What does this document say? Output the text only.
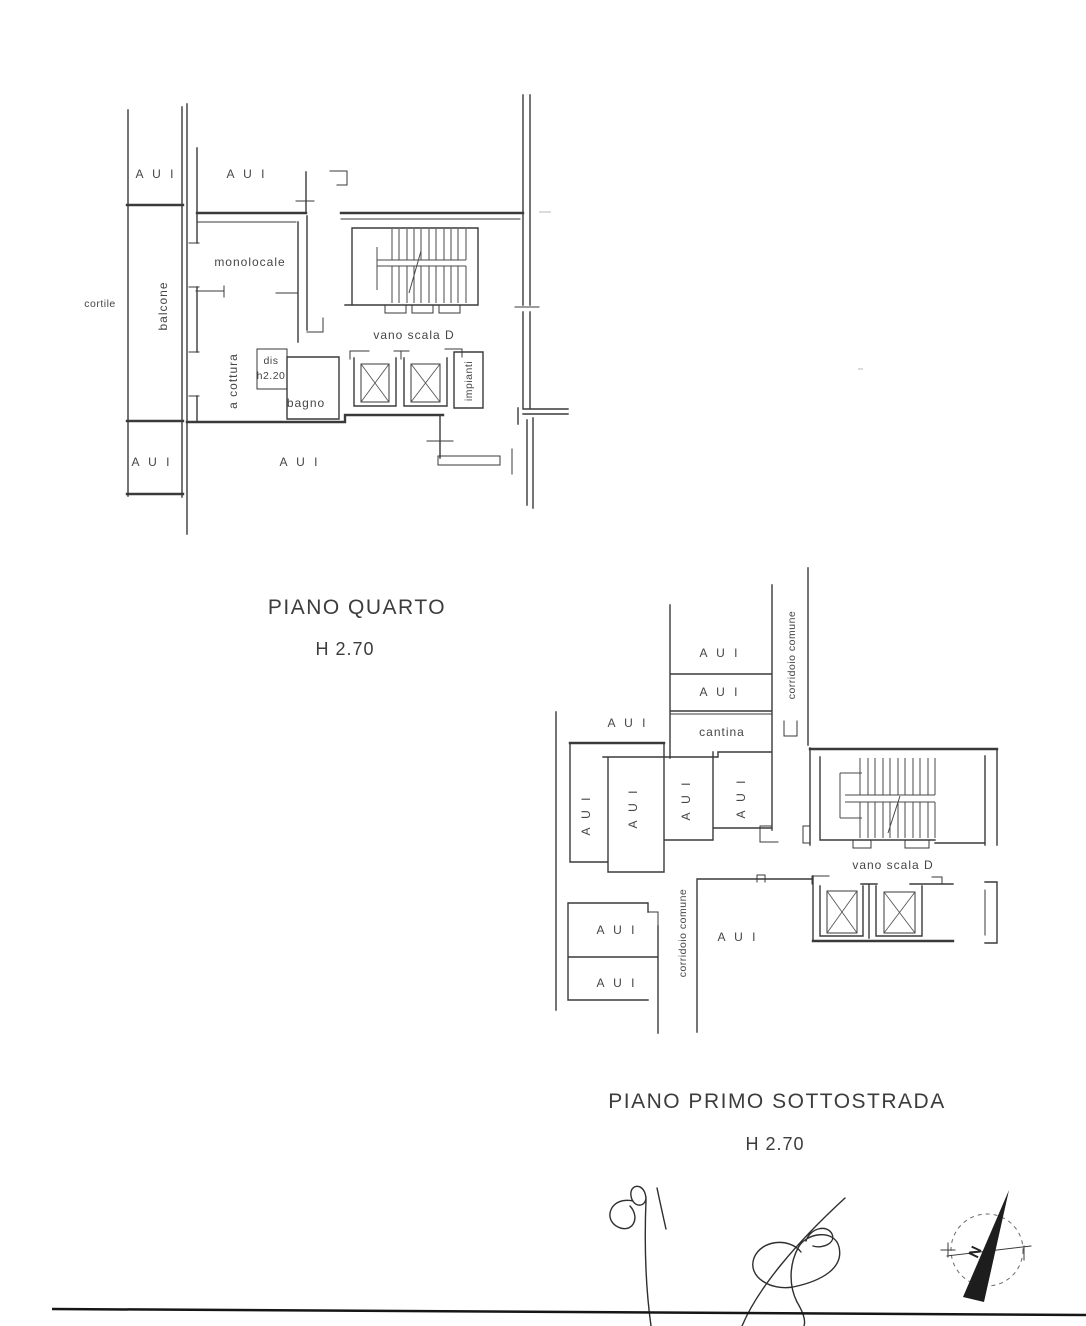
A U I	A U I
A U I	A U I
cortile	balcone
monolocale
a cottura dis
h2.20
bagno
vano scala D
impianti
PIANO QUARTO
H 2.70	A U I
A U I
cantina
corridoio comune
A U I
A U I	A U I	A U I	A U I
vano scala D
A U I
A U I
corridoio comune A U I
PIANO PRIMO SOTTOSTRADA
H 2.70
N
